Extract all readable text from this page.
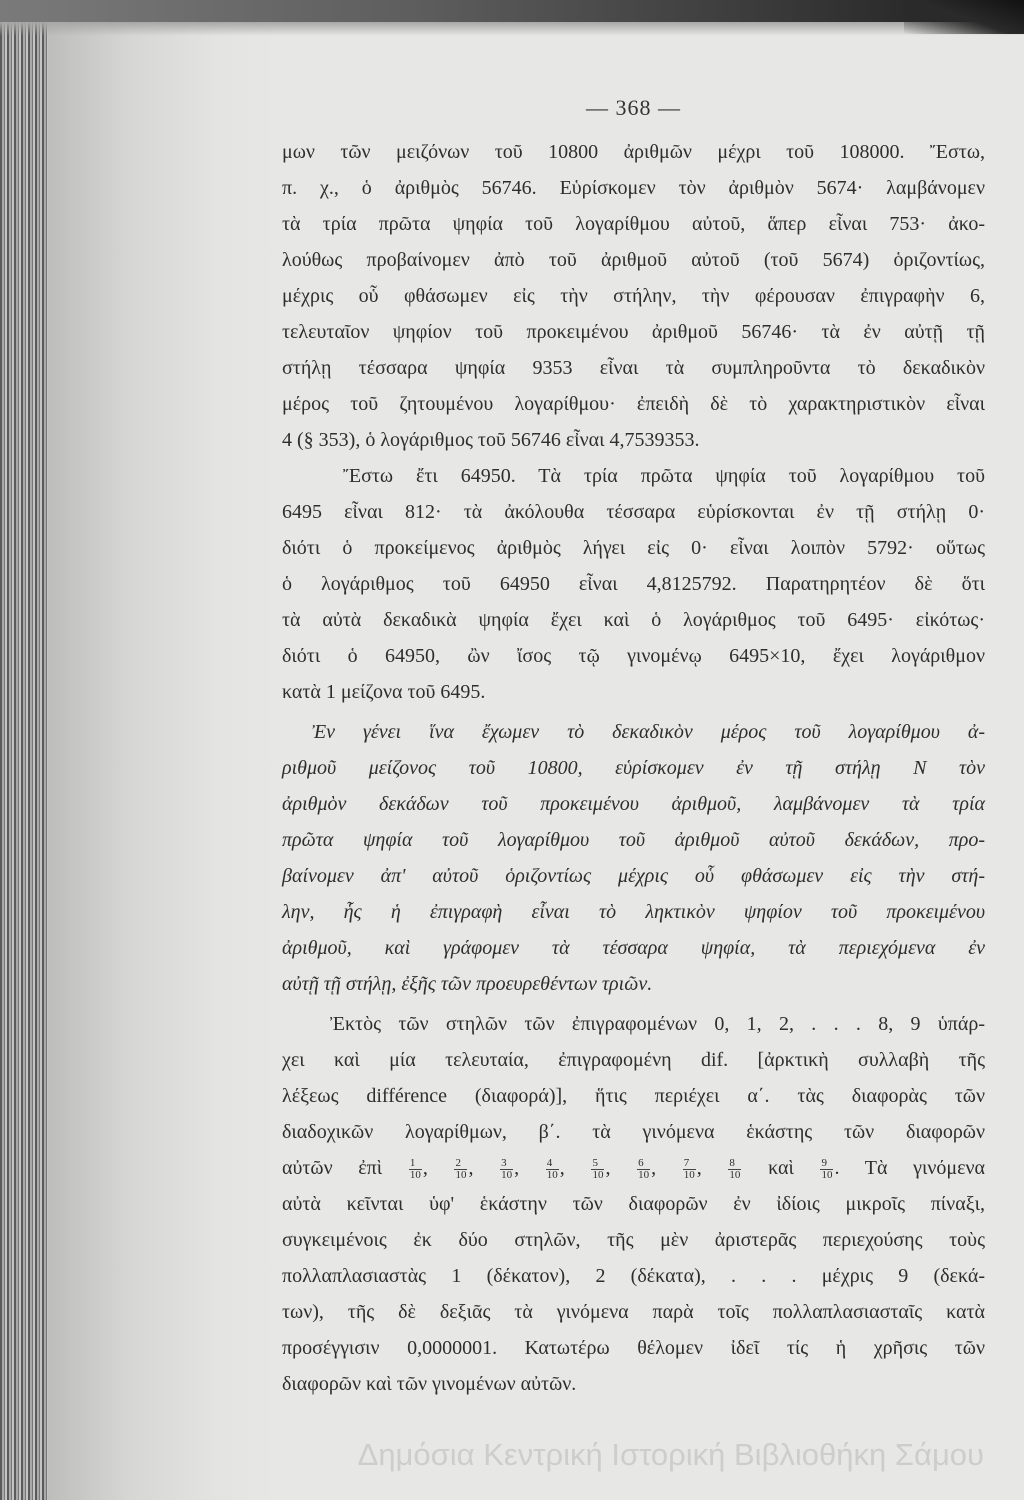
— 368 —
μων τῶν μειζόνων τοῦ 10800 ἀριθμῶν μέχρι τοῦ 108000. Ἔστω,
π. χ., ὁ ἀριθμὸς 56746. Εὑρίσκομεν τὸν ἀριθμὸν 5674· λαμβάνομεν
τὰ τρία πρῶτα ψηφία τοῦ λογαρίθμου αὐτοῦ, ἅπερ εἶναι 753· ἀκο-
λούθως προβαίνομεν ἀπὸ τοῦ ἀριθμοῦ αὐτοῦ (τοῦ 5674) ὁριζοντίως,
μέχρις οὗ φθάσωμεν εἰς τὴν στήλην, τὴν φέρουσαν ἐπιγραφὴν 6,
τελευταῖον ψηφίον τοῦ προκειμένου ἀριθμοῦ 56746· τὰ ἐν αὐτῇ τῇ
στήλῃ τέσσαρα ψηφία 9353 εἶναι τὰ συμπληροῦντα τὸ δεκαδικὸν
μέρος τοῦ ζητουμένου λογαρίθμου· ἐπειδὴ δὲ τὸ χαρακτηριστικὸν εἶναι
4 (§ 353), ὁ λογάριθμος τοῦ 56746 εἶναι 4,7539353.
Ἔστω ἔτι 64950. Τὰ τρία πρῶτα ψηφία τοῦ λογαρίθμου τοῦ
6495 εἶναι 812· τὰ ἀκόλουθα τέσσαρα εὑρίσκονται ἐν τῇ στήλῃ 0·
διότι ὁ προκείμενος ἀριθμὸς λήγει εἰς 0· εἶναι λοιπὸν 5792· οὕτως
ὁ λογάριθμος τοῦ 64950 εἶναι 4,8125792. Παρατηρητέον δὲ ὅτι
τὰ αὐτὰ δεκαδικὰ ψηφία ἔχει καὶ ὁ λογάριθμος τοῦ 6495· εἰκότως·
διότι ὁ 64950, ὢν ἴσος τῷ γινομένῳ 6495×10, ἔχει λογάριθμον
κατὰ 1 μείζονα τοῦ 6495.
Ἐν γένει ἵνα ἔχωμεν τὸ δεκαδικὸν μέρος τοῦ λογαρίθμου ἀ-
ριθμοῦ μείζονος τοῦ 10800, εὑρίσκομεν ἐν τῇ στήλῃ N τὸν
ἀριθμὸν δεκάδων τοῦ προκειμένου ἀριθμοῦ, λαμβάνομεν τὰ τρία
πρῶτα ψηφία τοῦ λογαρίθμου τοῦ ἀριθμοῦ αὐτοῦ δεκάδων, προ-
βαίνομεν ἀπ' αὐτοῦ ὁριζοντίως μέχρις οὗ φθάσωμεν εἰς τὴν στή-
λην, ἧς ἡ ἐπιγραφὴ εἶναι τὸ ληκτικὸν ψηφίον τοῦ προκειμένου
ἀριθμοῦ, καὶ γράφομεν τὰ τέσσαρα ψηφία, τὰ περιεχόμενα ἐν
αὐτῇ τῇ στήλῃ, ἐξῆς τῶν προευρεθέντων τριῶν.
Ἐκτὸς τῶν στηλῶν τῶν ἐπιγραφομένων 0, 1, 2, . . . 8, 9 ὑπάρ-
χει καὶ μία τελευταία, ἐπιγραφομένη dif. [ἀρκτικὴ συλλαβὴ τῆς
λέξεως différence (διαφορά)], ἥτις περιέχει α΄. τὰς διαφορὰς τῶν
διαδοχικῶν λογαρίθμων, β΄. τὰ γινόμενα ἑκάστης τῶν διαφορῶν
αὐτῶν ἐπὶ $\frac{1}{10}$ , $\frac{2}{10}$ , $\frac{3}{10}$ , $\frac{4}{10}$ , $\frac{5}{10}$ , $\frac{6}{10}$ , $\frac{7}{10}$ , $\frac{8}{10}$ καὶ $\frac{9}{10}$ . Τὰ γινόμενα
αὐτὰ κεῖνται ὑφ' ἑκάστην τῶν διαφορῶν ἐν ἰδίοις μικροῖς πίναξι,
συγκειμένοις ἐκ δύο στηλῶν, τῆς μὲν ἀριστερᾶς περιεχούσης τοὺς
πολλαπλασιαστὰς 1 (δέκατον), 2 (δέκατα), . . . μέχρις 9 (δεκά-
των), τῆς δὲ δεξιᾶς τὰ γινόμενα παρὰ τοῖς πολλαπλασιασταῖς κατὰ
προσέγγισιν 0,0000001. Κατωτέρω θέλομεν ἰδεῖ τίς ἡ χρῆσις τῶν
διαφορῶν καὶ τῶν γινομένων αὐτῶν.
Δημόσια Κεντρική Ιστορική Βιβλιοθήκη Σάμου
